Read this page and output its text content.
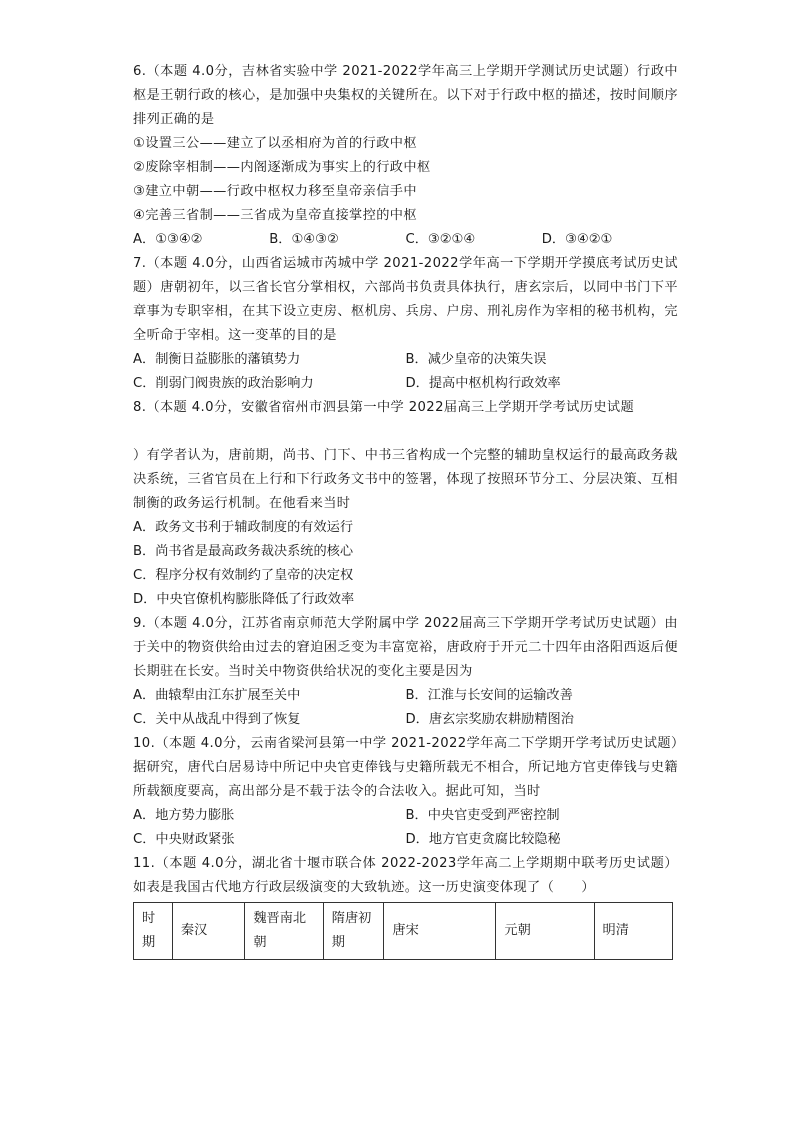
6.（本题 4.0分，吉林省实验中学 2021-2022学年高三上学期开学测试历史试题）行政中枢是王朝行政的核心，是加强中央集权的关键所在。以下对于行政中枢的描述，按时间顺序排列正确的是
①设置三公——建立了以丞相府为首的行政中枢
②废除宰相制——内阁逐渐成为事实上的行政中枢
③建立中朝——行政中枢权力移至皇帝亲信手中
④完善三省制——三省成为皇帝直接掌控的中枢
A．①③④②	B．①④③②	C．③②①④	D．③④②①
7.（本题 4.0分，山西省运城市芮城中学 2021-2022学年高一下学期开学摸底考试历史试题）唐朝初年，以三省长官分掌相权，六部尚书负责具体执行，唐玄宗后，以同中书门下平章事为专职宰相，在其下设立吏房、枢机房、兵房、户房、刑礼房作为宰相的秘书机构，完全听命于宰相。这一变革的目的是
A．制衡日益膨胀的藩镇势力	B．减少皇帝的决策失误
C．削弱门阀贵族的政治影响力	D．提高中枢机构行政效率
8.（本题 4.0分，安徽省宿州市泗县第一中学 2022届高三上学期开学考试历史试题
）有学者认为，唐前期，尚书、门下、中书三省构成一个完整的辅助皇权运行的最高政务裁决系统，三省官员在上行和下行政务文书中的签署，体现了按照环节分工、分层决策、互相制衡的政务运行机制。在他看来当时
A．政务文书利于辅政制度的有效运行
B．尚书省是最高政务裁决系统的核心
C．程序分权有效制约了皇帝的决定权
D．中央官僚机构膨胀降低了行政效率
9.（本题 4.0分，江苏省南京师范大学附属中学 2022届高三下学期开学考试历史试题）由于关中的物资供给由过去的窘迫困乏变为丰富宽裕，唐政府于开元二十四年由洛阳西返后便长期驻在长安。当时关中物资供给状况的变化主要是因为
A．曲辕犁由江东扩展至关中	B．江淮与长安间的运输改善
C．关中从战乱中得到了恢复	D．唐玄宗奖励农耕励精图治
10.（本题 4.0分，云南省梁河县第一中学 2021-2022学年高二下学期开学考试历史试题）据研究，唐代白居易诗中所记中央官吏俸钱与史籍所载无不相合，所记地方官吏俸钱与史籍所载额度要高，高出部分是不载于法令的合法收入。据此可知，当时
A．地方势力膨胀	B．中央官吏受到严密控制
C．中央财政紧张	D．地方官吏贪腐比较隐秘
11.（本题 4.0分，湖北省十堰市联合体 2022-2023学年高二上学期期中联考历史试题）如表是我国古代地方行政层级演变的大致轨迹。这一历史演变体现了（　　）
时期	秦汉	魏晋南北朝	隋唐初期	唐宋	元朝	明清
